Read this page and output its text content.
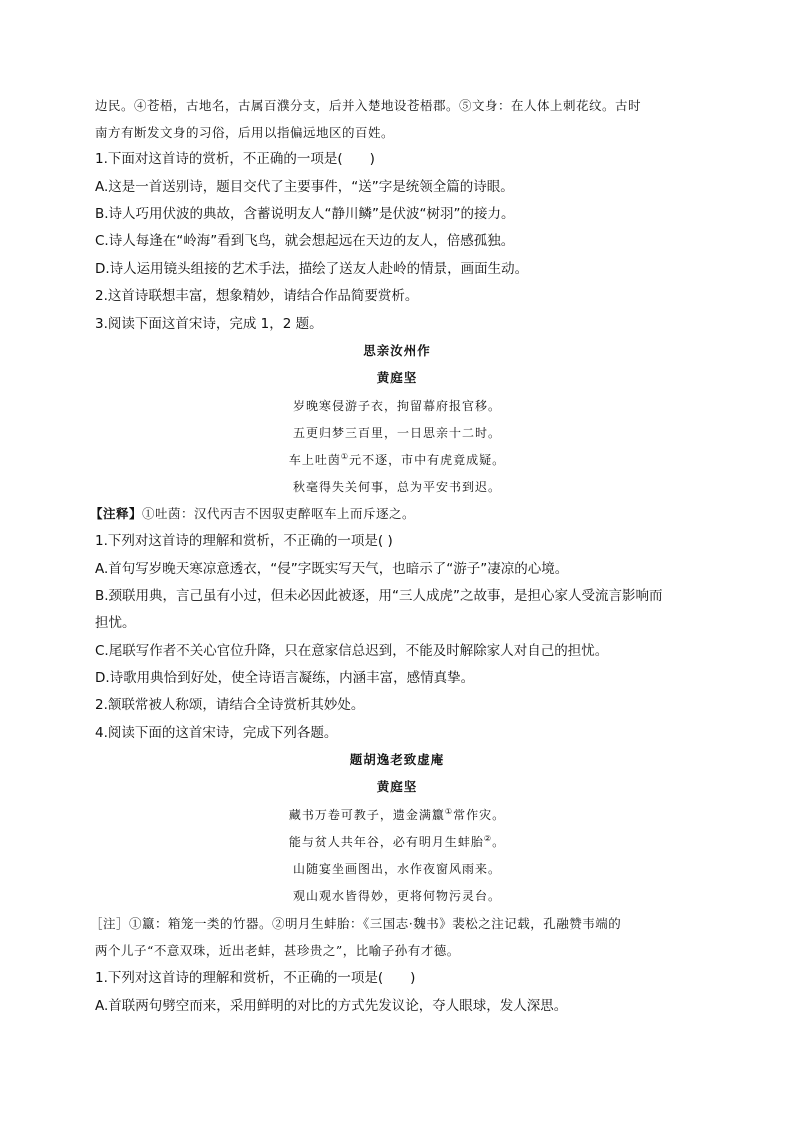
边民。④苍梧，古地名，古属百濮分支，后并入楚地设苍梧郡。⑤文身：在人体上刺花纹。古时
南方有断发文身的习俗，后用以指偏远地区的百姓。
1.下面对这首诗的赏析，不正确的一项是(　　)
A.这是一首送别诗，题目交代了主要事件，“送”字是统领全篇的诗眼。
B.诗人巧用伏波的典故，含蓄说明友人“静川鳞”是伏波“树羽”的接力。
C.诗人每逢在“岭海”看到飞鸟，就会想起远在天边的友人，倍感孤独。
D.诗人运用镜头组接的艺术手法，描绘了送友人赴岭的情景，画面生动。
2.这首诗联想丰富，想象精妙，请结合作品简要赏析。
3.阅读下面这首宋诗，完成 1，2 题。
思亲汝州作
黄庭坚
岁晚寒侵游子衣，拘留幕府报官移。
五更归梦三百里，一日思亲十二时。
车上吐茵①元不逐，市中有虎竟成疑。
秋毫得失关何事，总为平安书到迟。
【注释】①吐茵：汉代丙吉不因驭吏醉呕车上而斥逐之。
1.下列对这首诗的理解和赏析，不正确的一项是( )
A.首句写岁晚天寒凉意透衣，“侵”字既实写天气，也暗示了“游子”凄凉的心境。
B.颈联用典，言己虽有小过，但未必因此被逐，用“三人成虎”之故事，是担心家人受流言影响而
担忧。
C.尾联写作者不关心官位升降，只在意家信总迟到，不能及时解除家人对自己的担忧。
D.诗歌用典恰到好处，使全诗语言凝练，内涵丰富，感情真挚。
2.颔联常被人称颂，请结合全诗赏析其妙处。
4.阅读下面的这首宋诗，完成下列各题。
题胡逸老致虚庵
黄庭坚
藏书万卷可教子，遗金满籝①常作灾。
能与贫人共年谷，必有明月生蚌胎②。
山随宴坐画图出，水作夜窗风雨来。
观山观水皆得妙，更将何物污灵台。
［注］①籝：箱笼一类的竹器。②明月生蚌胎：《三国志·魏书》裴松之注记载，孔融赞韦端的
两个儿子“不意双珠，近出老蚌，甚珍贵之”，比喻子孙有才德。
1.下列对这首诗的理解和赏析，不正确的一项是(　　)
A.首联两句劈空而来，采用鲜明的对比的方式先发议论，夺人眼球，发人深思。
